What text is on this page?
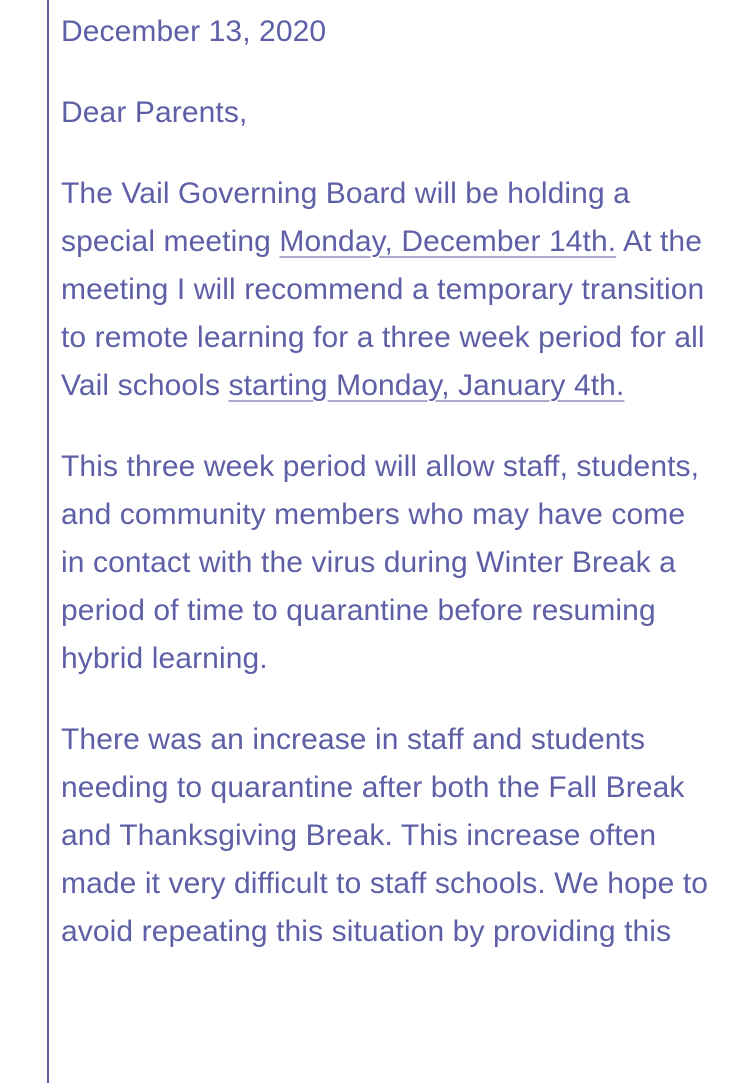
December 13, 2020
Dear Parents,
The Vail Governing Board will be holding a special meeting Monday, December 14th. At the meeting I will recommend a temporary transition to remote learning for a three week period for all Vail schools starting Monday, January 4th.
This three week period will allow staff, students, and community members who may have come in contact with the virus during Winter Break a period of time to quarantine before resuming hybrid learning.
There was an increase in staff and students needing to quarantine after both the Fall Break and Thanksgiving Break. This increase often made it very difficult to staff schools. We hope to avoid repeating this situation by providing this
